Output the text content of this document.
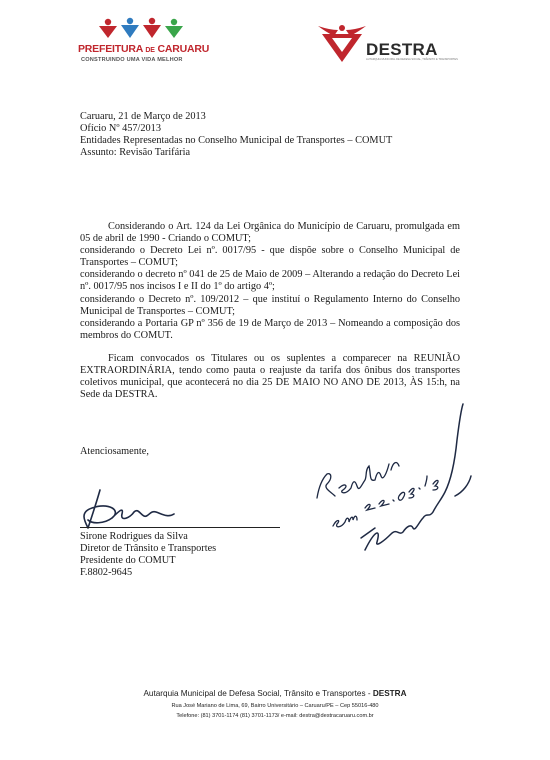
PREFEITURA DE CARUARU
CONSTRUINDO UMA VIDA MELHOR
DESTRA
AUTARQUIA MUNICIPAL DE DEFESA SOCIAL, TRÂNSITO E TRANSPORTES
Caruaru, 21 de Março de 2013
Ofício Nº 457/2013
Entidades Representadas no Conselho Municipal de Transportes – COMUT
Assunto: Revisão Tarifária
Considerando o Art. 124 da Lei Orgânica do Município de Caruaru, promulgada em 05 de abril de 1990 - Criando o COMUT;
considerando o Decreto Lei nº. 0017/95 - que dispõe sobre o Conselho Municipal de Transportes – COMUT;
considerando o decreto nº 041 de 25 de Maio de 2009 – Alterando a redação do Decreto Lei nº. 0017/95 nos incisos I e II do 1º do artigo 4º;
considerando o Decreto nº. 109/2012 – que instituí o Regulamento Interno do Conselho Municipal de Transportes – COMUT;
considerando a Portaria GP nº 356 de 19 de Março de 2013 – Nomeando a composição dos membros do COMUT.
Ficam convocados os Titulares ou os suplentes a comparecer na REUNIÃO EXTRAORDINÁRIA, tendo como pauta o reajuste da tarifa dos ônibus dos transportes coletivos municipal, que acontecerá no dia 25 DE MAIO NO ANO DE 2013, ÀS 15:h, na Sede da DESTRA.
Atenciosamente,
Sirone Rodrigues da Silva
Diretor de Trânsito e Transportes
Presidente do COMUT
F.8802-9645
Autarquia Municipal de Defesa Social, Trânsito e Transportes - DESTRA
Rua José Mariano de Lima, 69, Bairro Universitário – Caruaru/PE – Cep 55016-480
Telefone: (81) 3701-1174 (81) 3701-1173/ e-mail: destra@destracaruaru.com.br
